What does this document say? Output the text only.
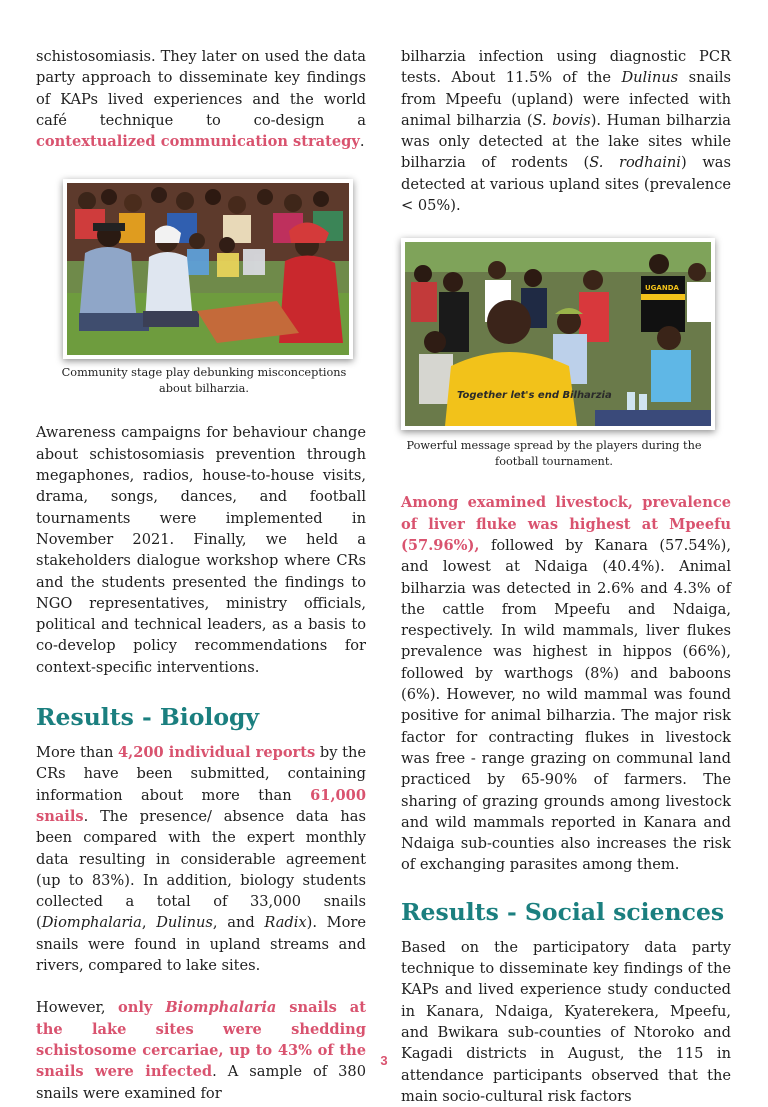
schistosomiasis. They later on used the data party approach to disseminate key findings of KAPs lived experiences and the world café technique to co-design a contextualized communication strategy.

Community stage play debunking misconceptions about bilharzia.

Awareness campaigns for behaviour change about schistosomiasis prevention through megaphones, radios, house-to-house visits, drama, songs, dances, and football tournaments were implemented in November 2021. Finally, we held a stakeholders dialogue workshop where CRs and the students presented the findings to NGO representatives, ministry officials, political and technical leaders, as a basis to co-develop policy recommendations for context-specific interventions.

Results - Biology

More than 4,200 individual reports by the CRs have been submitted, containing information about more than 61,000 snails. The presence/ absence data has been compared with the expert monthly data resulting in considerable agreement (up to 83%). In addition, biology students collected a total of 33,000 snails (Diomphalaria, Dulinus, and Radix). More snails were found in upland streams and rivers, compared to lake sites.

However, only Biomphalaria snails at the lake sites were shedding schistosome cercariae, up to 43% of the snails were infected. A sample of 380 snails were examined for

bilharzia infection using diagnostic PCR tests. About 11.5% of the Dulinus snails from Mpeefu (upland) were infected with animal bilharzia (S. bovis). Human bilharzia was only detected at the lake sites while bilharzia of rodents (S. rodhaini) was detected at various upland sites (prevalence < 05%).

UGANDA
Together let's end Bilharzia
Powerful message spread by the players during the football tournament.

Among examined livestock, prevalence of liver fluke was highest at Mpeefu (57.96%), followed by Kanara (57.54%), and lowest at Ndaiga (40.4%). Animal bilharzia was detected in 2.6% and 4.3% of the cattle from Mpeefu and Ndaiga, respectively. In wild mammals, liver flukes prevalence was highest in hippos (66%), followed by warthogs (8%) and baboons (6%). However, no wild mammal was found positive for animal bilharzia. The major risk factor for contracting flukes in livestock was free - range grazing on communal land practiced by 65-90% of farmers. The sharing of grazing grounds among livestock and wild mammals reported in Kanara and Ndaiga sub-counties also increases the risk of exchanging parasites among them.

Results - Social sciences

Based on the participatory data party technique to disseminate key findings of the KAPs and lived experience study conducted in Kanara, Ndaiga, Kyaterekera, Mpeefu, and Bwikara sub-counties of Ntoroko and Kagadi districts in August, the 115 in attendance participants observed that the main socio-cultural risk factors

3
